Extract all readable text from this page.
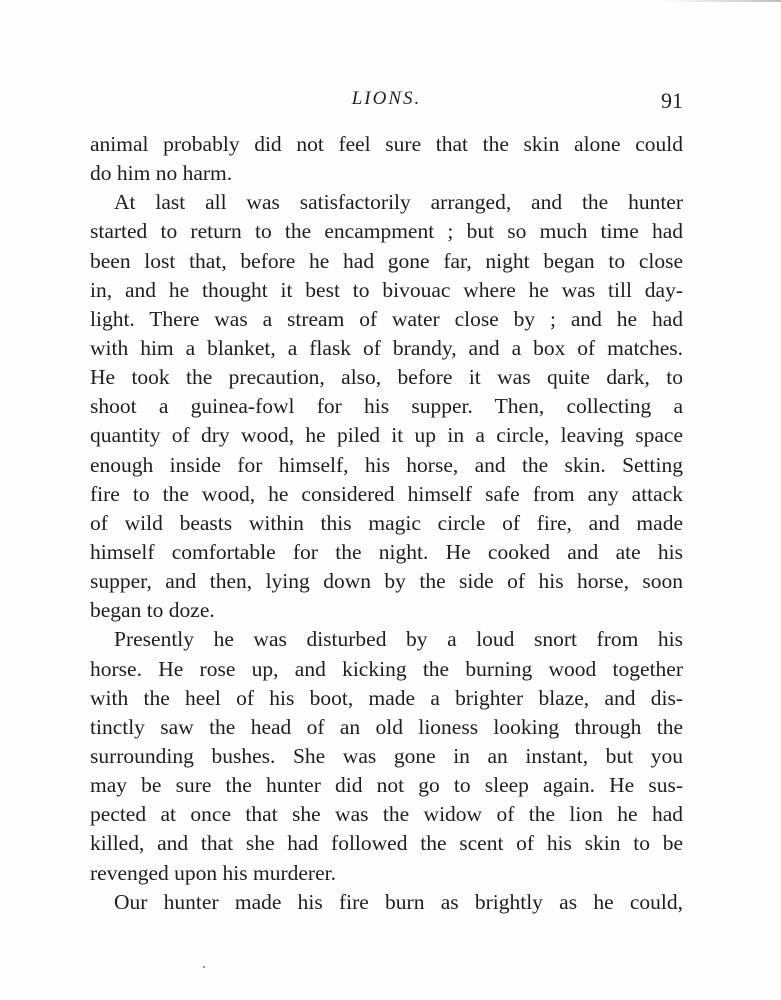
LIONS.	91
animal probably did not feel sure that the skin alone could
do him no harm.
At last all was satisfactorily arranged, and the hunter
started to return to the encampment ; but so much time had
been lost that, before he had gone far, night began to close
in, and he thought it best to bivouac where he was till day-
light. There was a stream of water close by ; and he had
with him a blanket, a flask of brandy, and a box of matches.
He took the precaution, also, before it was quite dark, to
shoot a guinea-fowl for his supper. Then, collecting a
quantity of dry wood, he piled it up in a circle, leaving space
enough inside for himself, his horse, and the skin. Setting
fire to the wood, he considered himself safe from any attack
of wild beasts within this magic circle of fire, and made
himself comfortable for the night. He cooked and ate his
supper, and then, lying down by the side of his horse, soon
began to doze.
Presently he was disturbed by a loud snort from his
horse. He rose up, and kicking the burning wood together
with the heel of his boot, made a brighter blaze, and dis-
tinctly saw the head of an old lioness looking through the
surrounding bushes. She was gone in an instant, but you
may be sure the hunter did not go to sleep again. He sus-
pected at once that she was the widow of the lion he had
killed, and that she had followed the scent of his skin to be
revenged upon his murderer.
Our hunter made his fire burn as brightly as he could,
